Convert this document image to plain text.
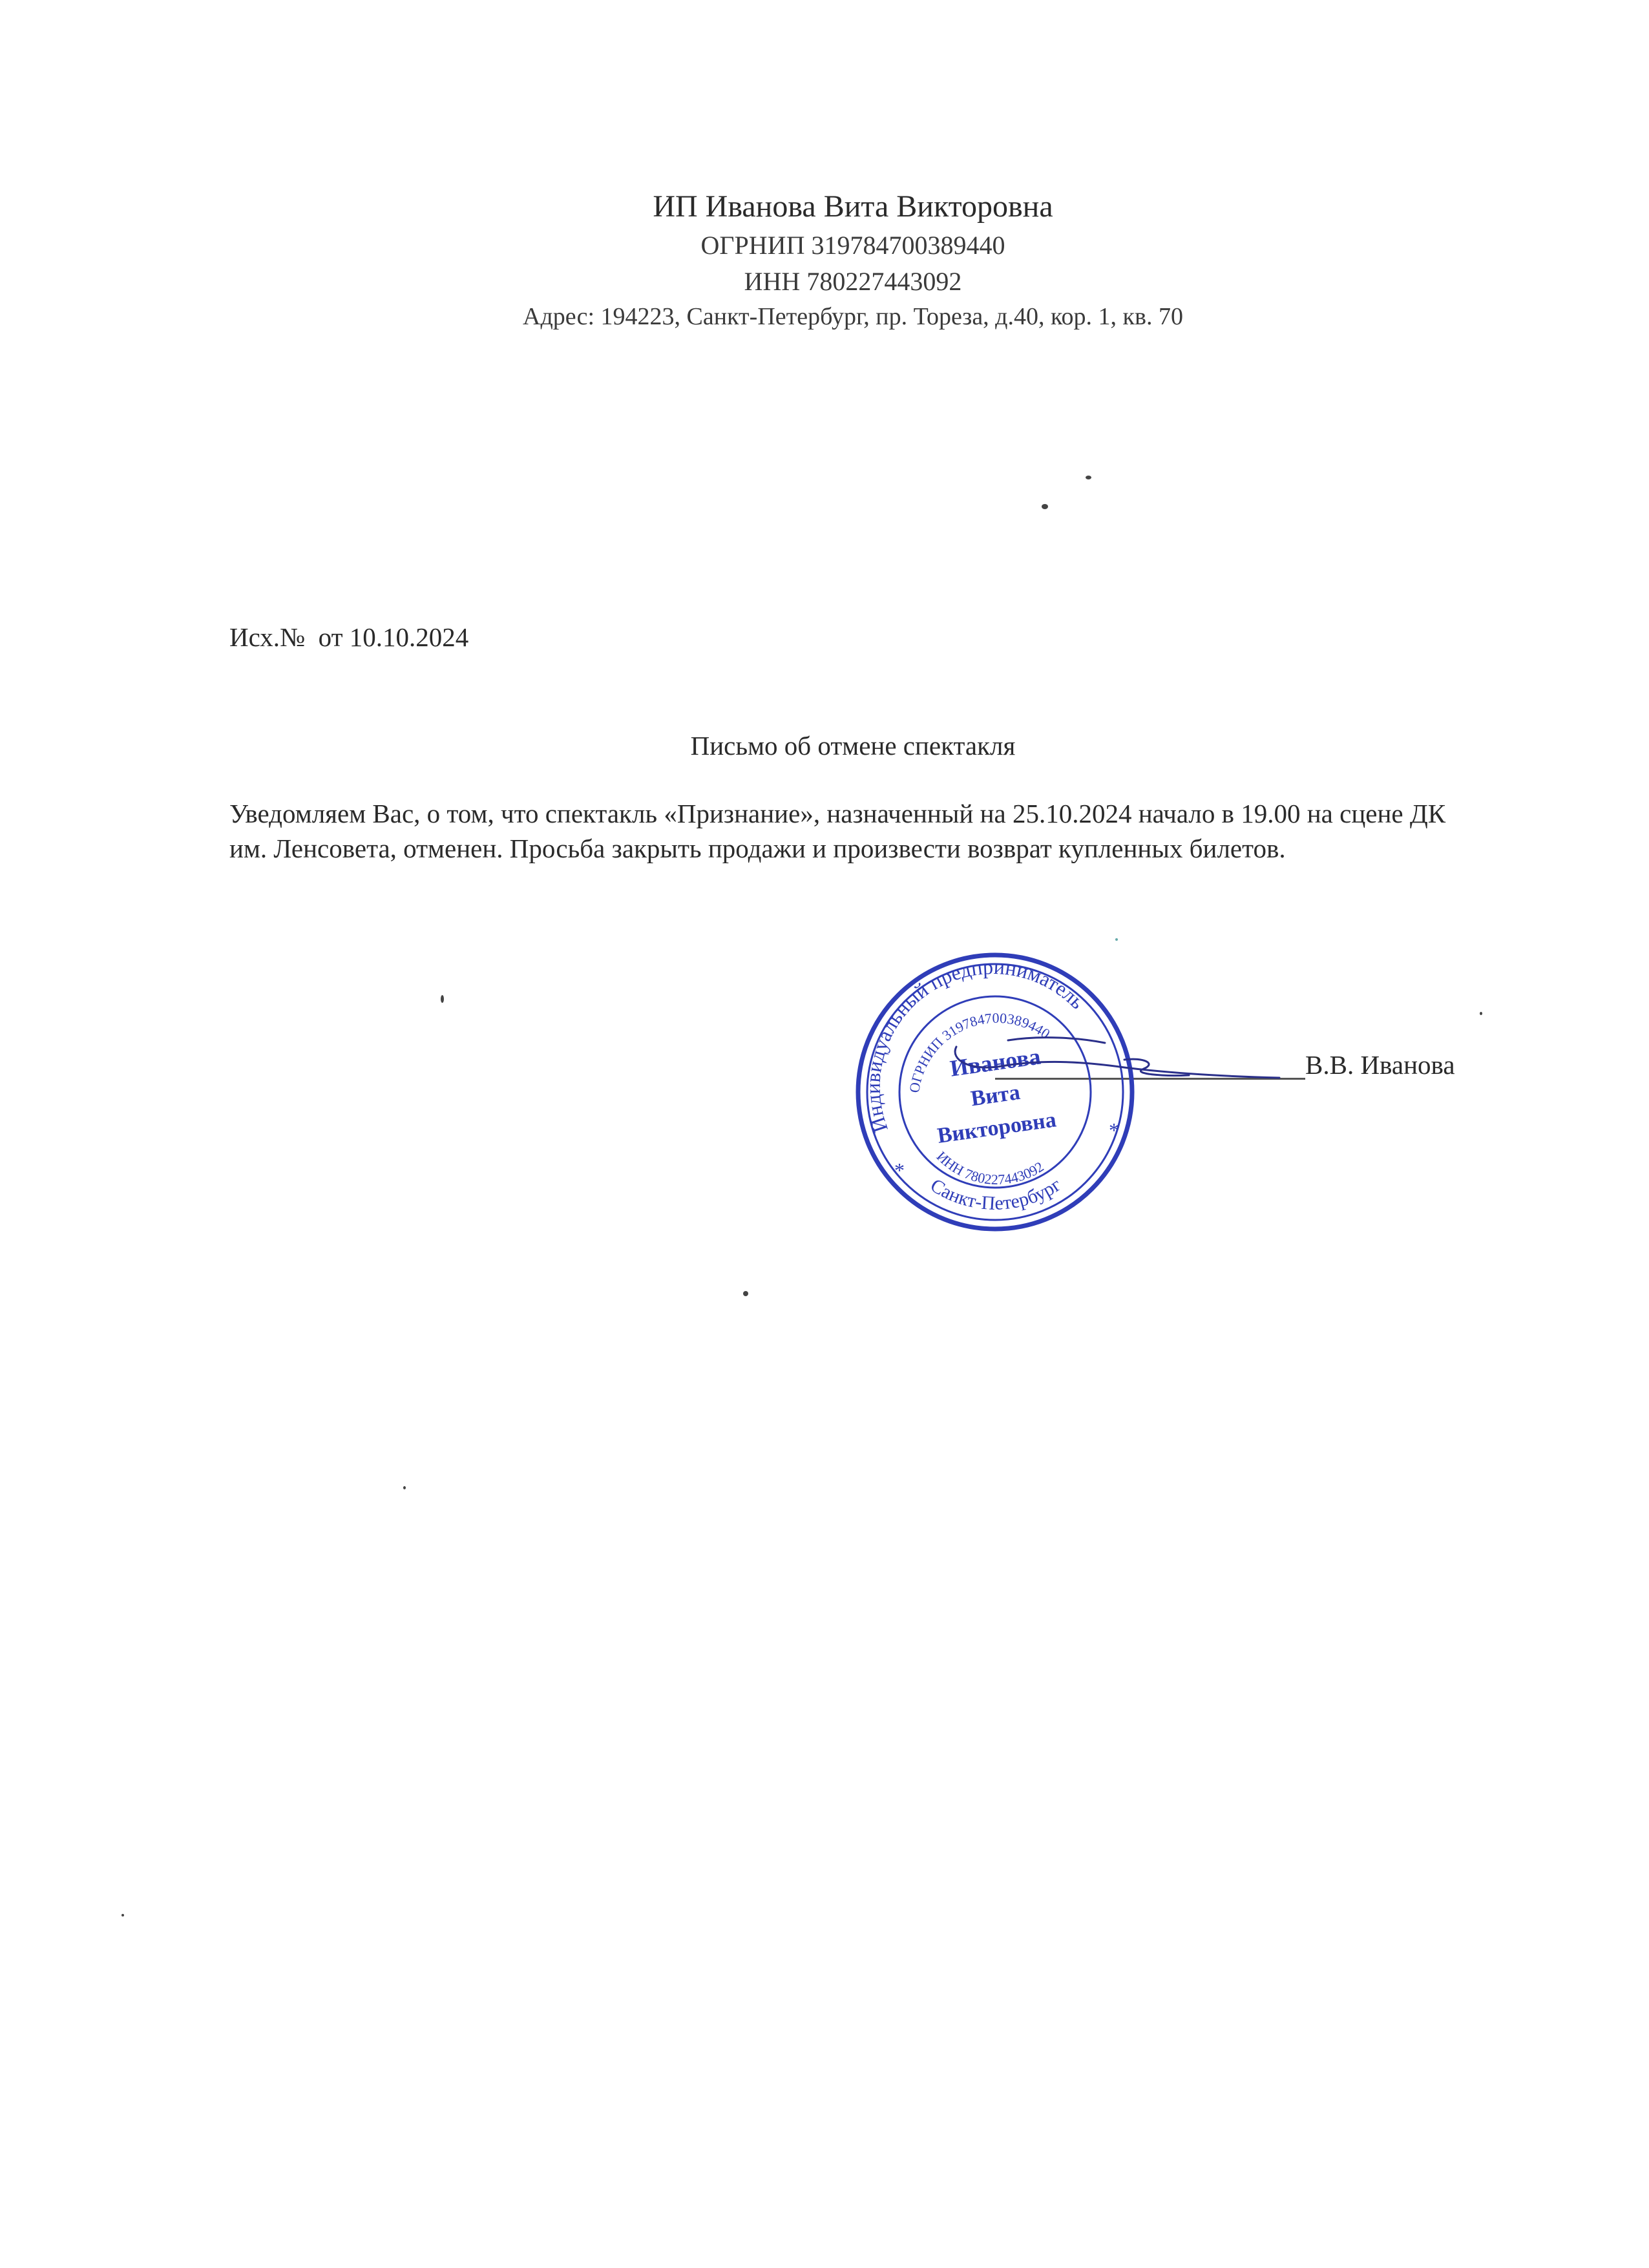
ИП Иванова Вита Викторовна
ОГРНИП 319784700389440
ИНН 780227443092
Адрес: 194223, Санкт-Петербург, пр. Тореза, д.40, кор. 1, кв. 70
Исх.№  от 10.10.2024
Письмо об отмене спектакля
Уведомляем Вас, о том, что спектакль «Признание», назначенный на 25.10.2024 начало в 19.00 на сцене ДК им. Ленсовета, отменен. Просьба закрыть продажи и произвести возврат купленных билетов.
В.В. Иванова
Индивидуальный предприниматель
ОГРНИП 319784700389440
Иванова
Вита
Викторовна
ИНН 780227443092
Санкт-Петербург
*
*
